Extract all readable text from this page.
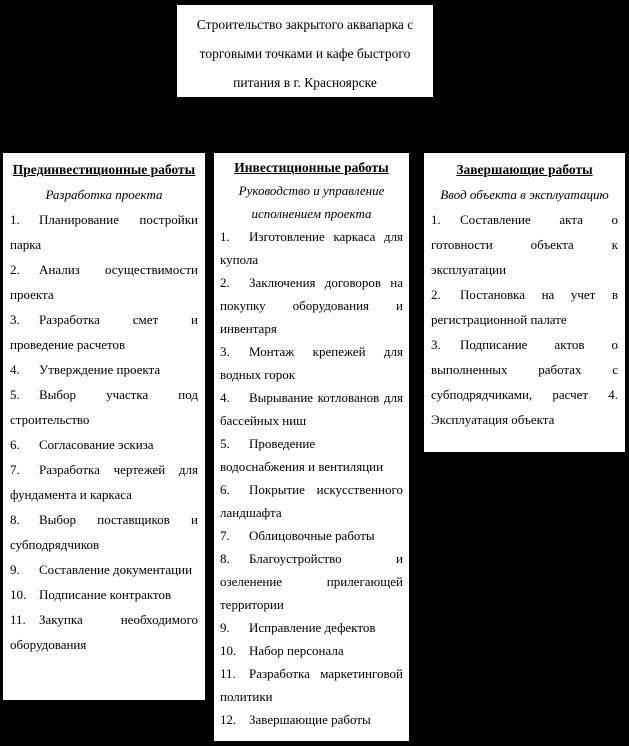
Строительство закрытого аквапарка с торговыми точками и кафе быстрого питания в г. Красноярске
Прединвестиционные работы
Разработка проекта

1. Планирование постройки парка

2. Анализ осуществимости проекта

3. Разработка смет и проведение расчетов

4. Утверждение проекта

5. Выбор участка под строительство

6. Согласование эскиза

7. Разработка чертежей для фундамента и каркаса

8. Выбор поставщиков и субподрядчиков

9. Составление документации

10. Подписание контрактов

11. Закупка необходимого оборудования

Инвестиционные работы
Руководство и управление исполнением проекта

1. Изготовление каркаса для купола

2. Заключения договоров на покупку оборудования и инвентаря

3. Монтаж крепежей для водных горок

4. Вырывание котлованов для бассейных ниш

5. Проведение водоснабжения и вентиляции

6. Покрытие искусственного ландшафта

7. Облицовочные работы

8. Благоустройство и озеленение прилегающей территории

9. Исправление дефектов

10. Набор персонала

11. Разработка маркетинговой политики

12. Завершающие работы

Завершающие работы
Ввод объекта в эксплуатацию

1. Составление акта о готовности объекта к эксплуатации

2. Постановка на учет в регистрационной палате

3. Подписание актов о выполненных работах с субподрядчиками, расчет 4. Эксплуатация объекта
